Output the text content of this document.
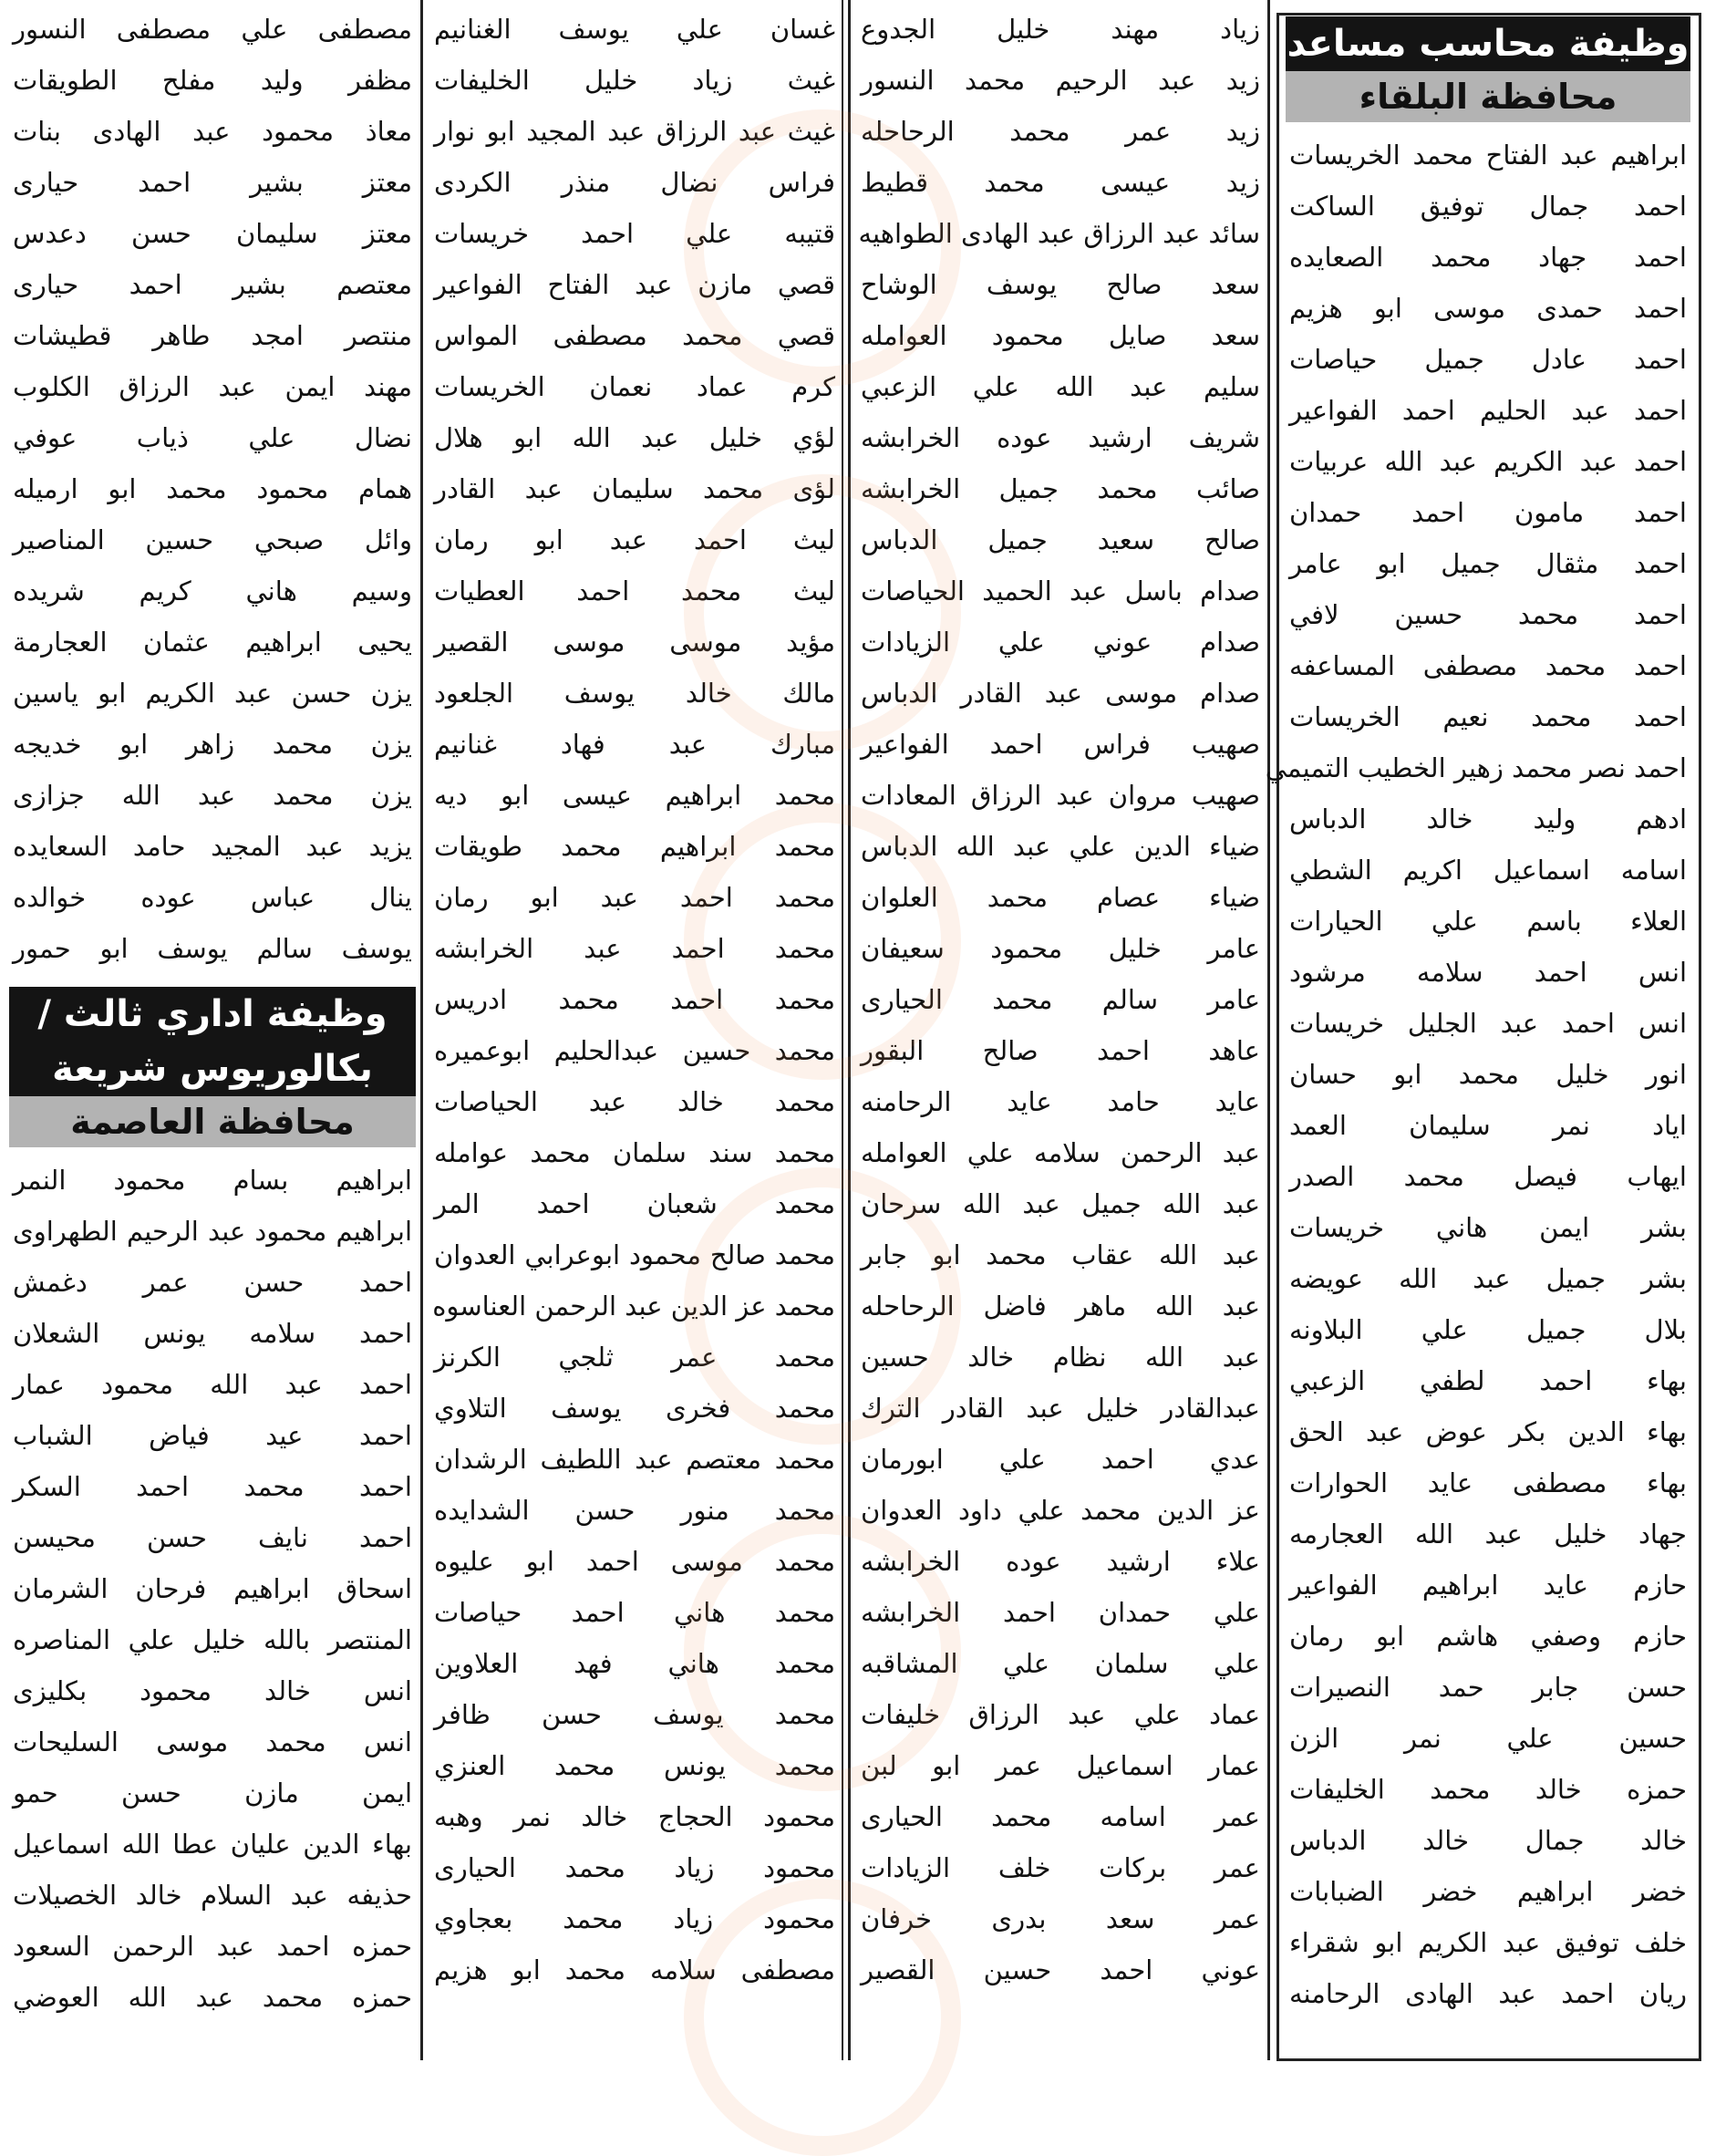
وظيفة محاسب مساعد
محافظة البلقاء
ابراهيم عبد الفتاح محمد الخريسات
احمد جمال توفيق الساكت
احمد جهاد محمد الصعايده
احمد حمدى موسى ابو هزيم
احمد عادل جميل حياصات
احمد عبد الحليم احمد الفواعير
احمد عبد الكريم عبد الله عربيات
احمد مامون احمد حمدان
احمد مثقال جميل ابو عامر
احمد محمد حسين لافي
احمد محمد مصطفى المساعفه
احمد محمد نعيم الخريسات
احمد نصر محمد زهير الخطيب التميمي
ادهم وليد خالد الدباس
اسامه اسماعيل اكريم الشطي
العلاء باسم علي الحيارات
انس احمد سلامه مرشود
انس احمد عبد الجليل خريسات
انور خليل محمد ابو حسان
اياد نمر سليمان العمد
ايهاب فيصل محمد الصدر
بشر ايمن هاني خريسات
بشر جميل عبد الله عويضه
بلال جميل علي البلاونه
بهاء احمد لطفي الزعبي
بهاء الدين بكر عوض عبد الحق
بهاء مصطفى عايد الحوارات
جهاد خليل عبد الله العجارمه
حازم عايد ابراهيم الفواعير
حازم وصفي هاشم ابو رمان
حسن جابر حمد النصيرات
حسين علي نمر الزن
حمزه خالد محمد الخليفات
خالد جمال خالد الدباس
خضر ابراهيم خضر الضبابات
خلف توفيق عبد الكريم ابو شقراء
ريان احمد عبد الهادى الرحامنه
زياد مهند خليل الجدوع
زيد عبد الرحيم محمد النسور
زيد عمر محمد الرحاحله
زيد عيسى محمد قطيط
سائد عبد الرزاق عبد الهادى الطواهيه
سعد صالح يوسف الوشاح
سعد صايل محمود العوامله
سليم عبد الله علي الزعبي
شريف ارشيد عوده الخرابشه
صائب محمد جميل الخرابشه
صالح سعيد جميل الدباس
صدام باسل عبد الحميد الحياصات
صدام عوني علي الزيادات
صدام موسى عبد القادر الدباس
صهيب فراس احمد الفواعير
صهيب مروان عبد الرزاق المعادات
ضياء الدين علي عبد الله الدباس
ضياء عصام محمد العلوان
عامر خليل محمود سعيفان
عامر سالم محمد الحيارى
عاهد احمد صالح البقور
عايد حامد عايد الرحامنه
عبد الرحمن سلامه علي العوامله
عبد الله جميل عبد الله سرحان
عبد الله عقاب محمد ابو جابر
عبد الله ماهر فاضل الرحاحله
عبد الله نظام خالد حسين
عبدالقادر خليل عبد القادر الترك
عدي احمد علي ابورمان
عز الدين محمد علي داود العدوان
علاء ارشيد عوده الخرابشه
علي حمدان احمد الخرابشه
علي سلمان علي المشاقبه
عماد علي عبد الرزاق خليفات
عمار اسماعيل عمر ابو لبن
عمر اسامه محمد الحيارى
عمر بركات خلف الزيادات
عمر سعد بدرى خرفان
عوني احمد حسين القصير
غسان علي يوسف الغنانيم
غيث زياد خليل الخليفات
غيث عبد الرزاق عبد المجيد ابو نوار
فراس نضال منذر الكردى
قتيبه علي احمد خريسات
قصي مازن عبد الفتاح الفواعير
قصي محمد مصطفى المواس
كرم عماد نعمان الخريسات
لؤي خليل عبد الله ابو هلال
لؤى محمد سليمان عبد القادر
ليث احمد عبد ابو رمان
ليث محمد احمد العطيات
مؤيد موسى موسى القصير
مالك خالد يوسف الجلعود
مبارك عبد فهاد غنانيم
محمد ابراهيم عيسى ابو ديه
محمد ابراهيم محمد طويقات
محمد احمد عبد ابو رمان
محمد احمد عبد الخرابشه
محمد احمد محمد ادريس
محمد حسين عبدالحليم ابوعميره
محمد خالد عبد الحياصات
محمد سند سلمان محمد عوامله
محمد شعبان احمد المر
محمد صالح محمود ابوعرابي العدوان
محمد عز الدين عبد الرحمن العناسوه
محمد عمر ثلجي الكرنز
محمد فخرى يوسف التلاوي
محمد معتصم عبد اللطيف الرشدان
محمد منور حسن الشدايده
محمد موسى احمد ابو عليوه
محمد هاني احمد حياصات
محمد هاني فهد العلاوين
محمد يوسف حسن ظافر
محمد يونس محمد العنزي
محمود الحجاج خالد نمر وهبه
محمود زياد محمد الحيارى
محمود زياد محمد بعجاوي
مصطفى سلامه محمد ابو هزيم
مصطفى علي مصطفى النسور
مظفر وليد مفلح الطويقات
معاذ محمود عبد الهادى بنات
معتز بشير احمد حيارى
معتز سليمان حسن دعدس
معتصم بشير احمد حيارى
منتصر امجد طاهر قطيشات
مهند ايمن عبد الرزاق الكلوب
نضال علي ذياب عوفي
همام محمود محمد ابو ارميله
وائل صبحي حسين المناصير
وسيم هاني كريم شريده
يحيى ابراهيم عثمان العجارمة
يزن حسن عبد الكريم ابو ياسين
يزن محمد زاهر ابو خديجه
يزن محمد عبد الله جزازى
يزيد عبد المجيد حامد السعايده
ينال عباس عوده خوالده
يوسف سالم يوسف ابو حمور
وظيفة اداري ثالث /
بكالوريوس شريعة
محافظة العاصمة
ابراهيم بسام محمود النمر
ابراهيم محمود عبد الرحيم الطهراوى
احمد حسن عمر دغمش
احمد سلامه يونس الشعلان
احمد عبد الله محمود عمار
احمد عيد فياض الشباب
احمد محمد احمد السكر
احمد نايف حسن محيسن
اسحاق ابراهيم فرحان الشرمان
المنتصر بالله خليل علي المناصره
انس خالد محمود بكليزى
انس محمد موسى السليحات
ايمن مازن حسن حمو
بهاء الدين عليان عطا الله اسماعيل
حذيفه عبد السلام خالد الخصيلات
حمزه احمد عبد الرحمن السعود
حمزه محمد عبد الله العوضي
